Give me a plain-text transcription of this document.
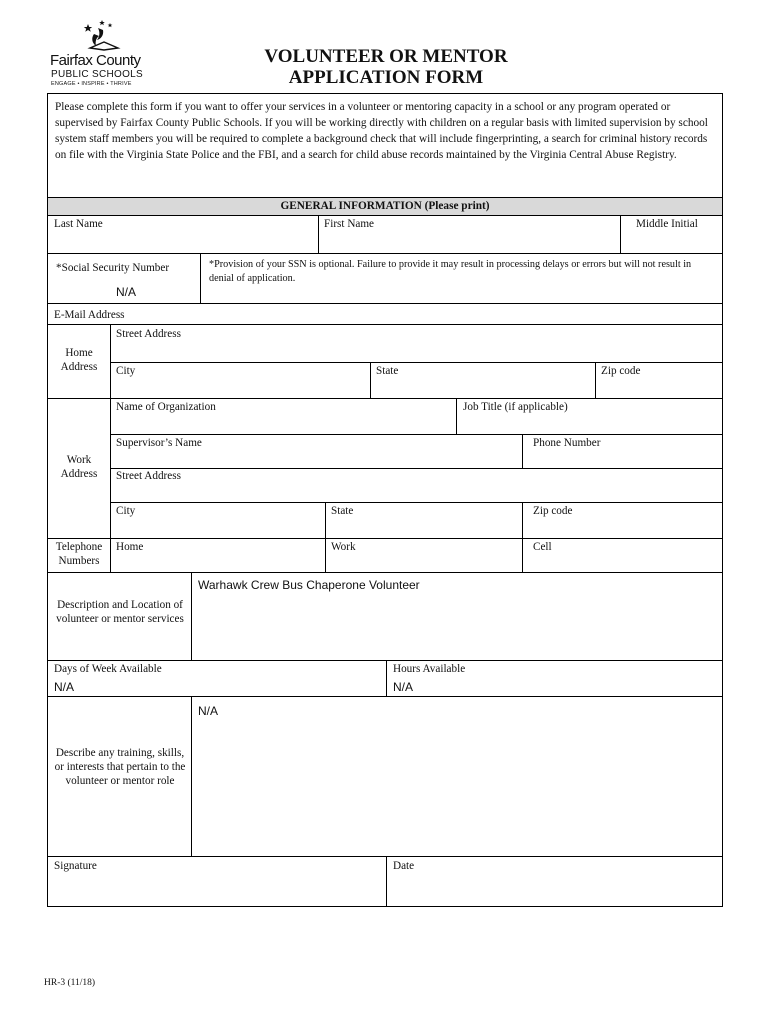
Fairfax County
PUBLIC SCHOOLS
ENGAGE • INSPIRE • THRIVE
VOLUNTEER OR MENTOR
APPLICATION FORM
Please complete this form if you want to offer your services in a volunteer or mentoring capacity in a school or any program operated or supervised by Fairfax County Public Schools. If you will be working directly with children on a regular basis with limited supervision by school system staff members you will be required to complete a background check that will include fingerprinting, a search for criminal history records on file with the Virginia State Police and the FBI, and a search for child abuse records maintained by the Virginia Central Abuse Registry.
GENERAL INFORMATION (Please print)
Last Name	First Name	Middle Initial
*Social Security Number
N/A
*Provision of your SSN is optional. Failure to provide it may result in processing delays or errors but will not result in denial of application.
E-Mail Address
Home Address
Street Address
City	State	Zip code
Work Address
Name of Organization	Job Title (if applicable)
Supervisor’s Name	Phone Number
Street Address
City	State	Zip code
Telephone Numbers
Home	Work	Cell
Description and Location of volunteer or mentor services
Warhawk Crew Bus Chaperone Volunteer
Days of Week Available
N/A
Hours Available
N/A
Describe any training, skills, or interests that pertain to the volunteer or mentor role
N/A
Signature	Date
HR-3 (11/18)
